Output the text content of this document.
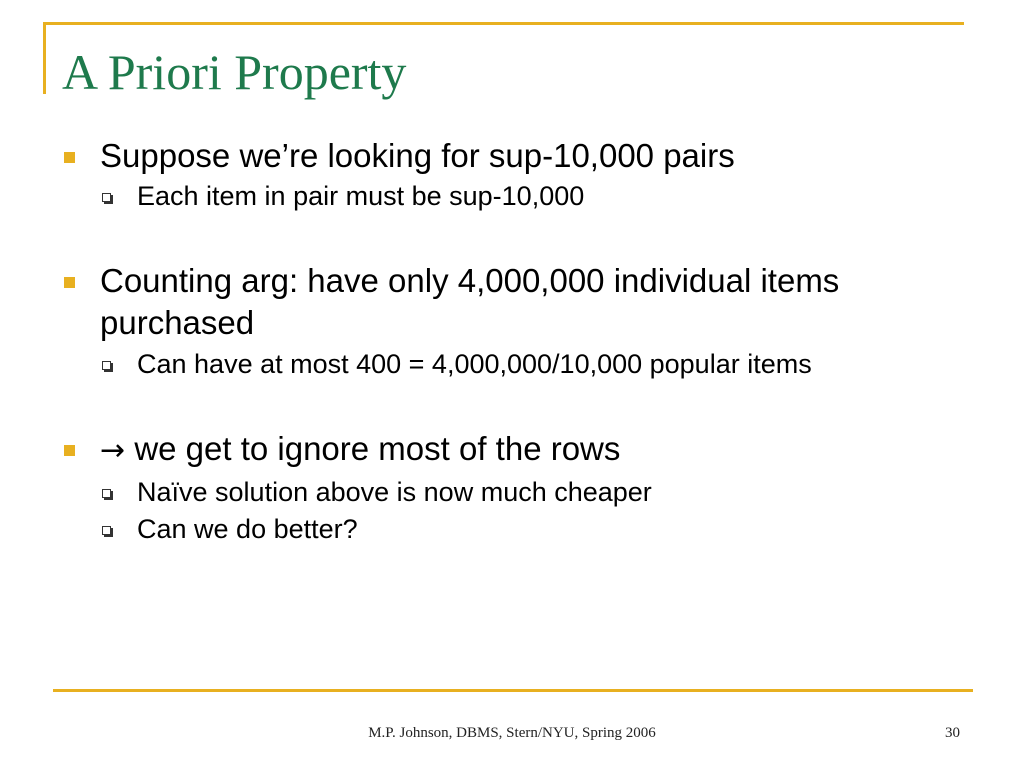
A Priori Property
Suppose we’re looking for sup-10,000 pairs
Each item in pair must be sup-10,000
Counting arg: have only 4,000,000 individual items purchased
Can have at most 400 = 4,000,000/10,000 popular items
→ we get to ignore most of the rows
Naïve solution above is now much cheaper
Can we do better?
M.P. Johnson, DBMS, Stern/NYU, Spring 2006	30
